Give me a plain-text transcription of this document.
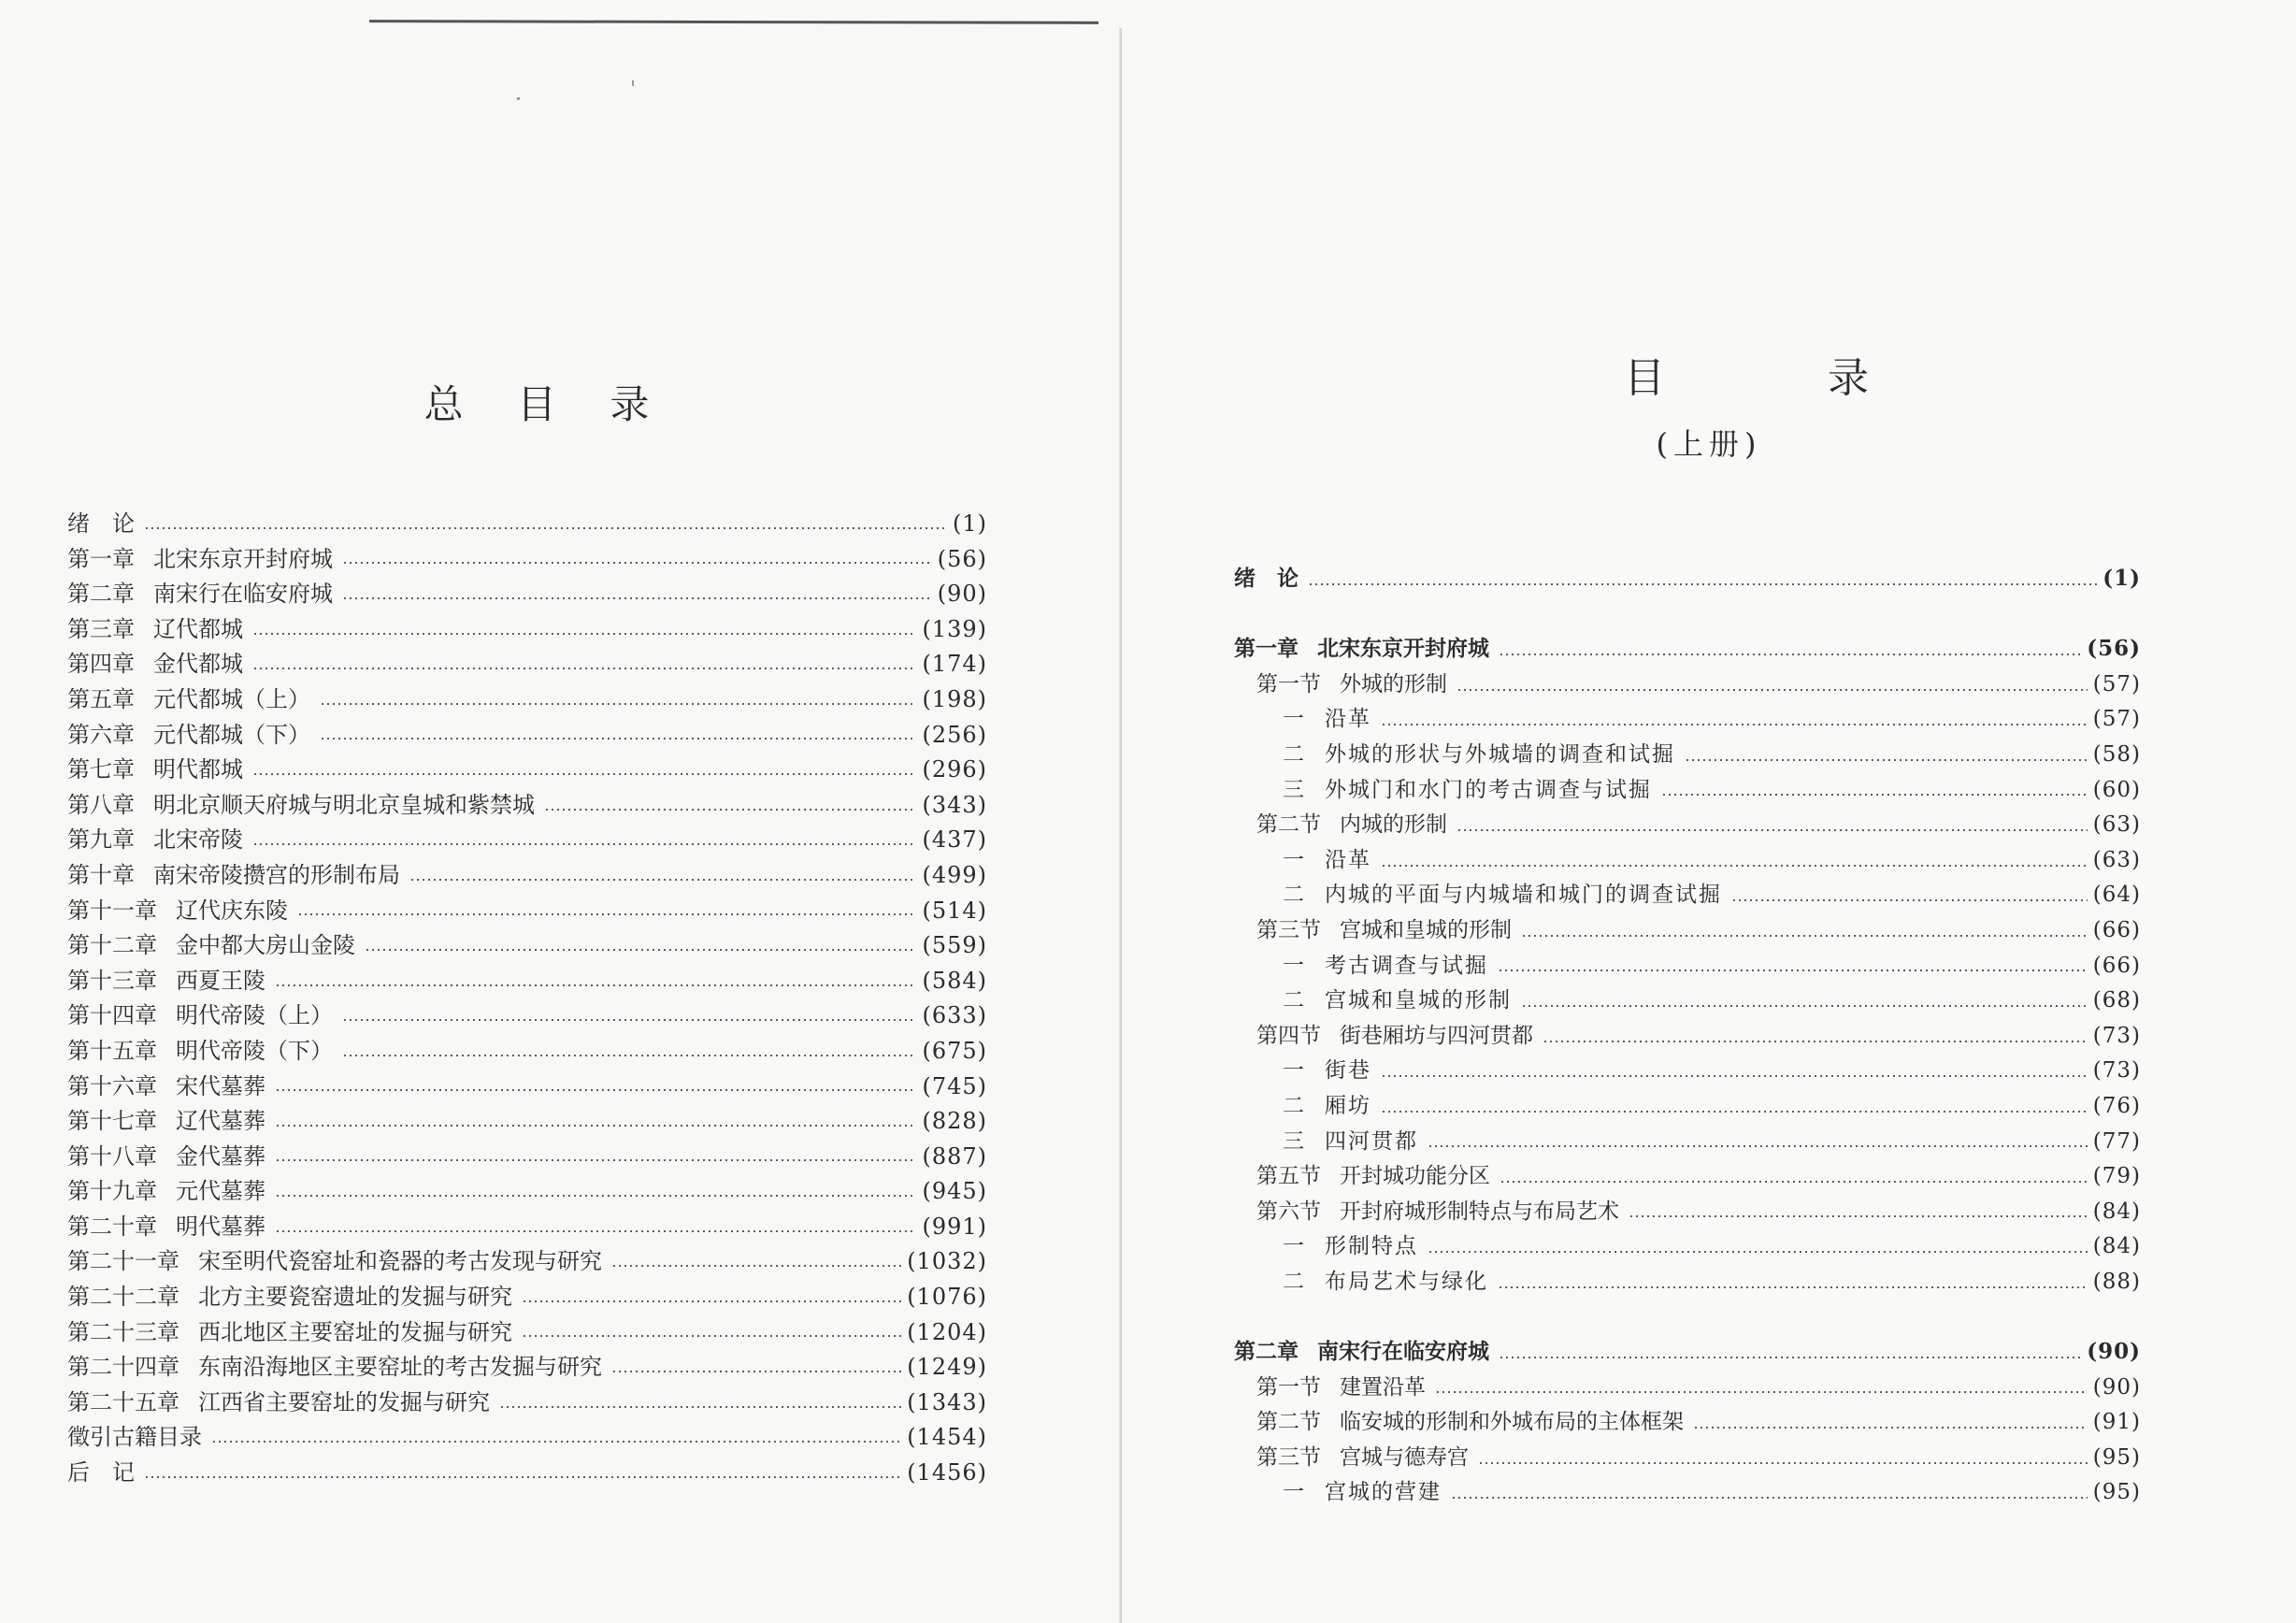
总 目 录
绪　论	(1)
第一章 北宋东京开封府城	(56)
第二章 南宋行在临安府城	(90)
第三章 辽代都城	(139)
第四章 金代都城	(174)
第五章 元代都城（上）	(198)
第六章 元代都城（下）	(256)
第七章 明代都城	(296)
第八章 明北京顺天府城与明北京皇城和紫禁城	(343)
第九章 北宋帝陵	(437)
第十章 南宋帝陵攒宫的形制布局	(499)
第十一章 辽代庆东陵	(514)
第十二章 金中都大房山金陵	(559)
第十三章 西夏王陵	(584)
第十四章 明代帝陵（上）	(633)
第十五章 明代帝陵（下）	(675)
第十六章 宋代墓葬	(745)
第十七章 辽代墓葬	(828)
第十八章 金代墓葬	(887)
第十九章 元代墓葬	(945)
第二十章 明代墓葬	(991)
第二十一章 宋至明代瓷窑址和瓷器的考古发现与研究	(1032)
第二十二章 北方主要瓷窑遗址的发掘与研究	(1076)
第二十三章 西北地区主要窑址的发掘与研究	(1204)
第二十四章 东南沿海地区主要窑址的考古发掘与研究	(1249)
第二十五章 江西省主要窑址的发掘与研究	(1343)
徵引古籍目录	(1454)
后　记	(1456)
目 录
(上册)
绪　论	(1)
第一章 北宋东京开封府城	(56)
第一节 外城的形制	(57)
一 沿革	(57)
二 外城的形状与外城墙的调查和试掘	(58)
三 外城门和水门的考古调查与试掘	(60)
第二节 内城的形制	(63)
一 沿革	(63)
二 内城的平面与内城墙和城门的调查试掘	(64)
第三节 宫城和皇城的形制	(66)
一 考古调查与试掘	(66)
二 宫城和皇城的形制	(68)
第四节 街巷厢坊与四河贯都	(73)
一 街巷	(73)
二 厢坊	(76)
三 四河贯都	(77)
第五节 开封城功能分区	(79)
第六节 开封府城形制特点与布局艺术	(84)
一 形制特点	(84)
二 布局艺术与绿化	(88)
第二章 南宋行在临安府城	(90)
第一节 建置沿革	(90)
第二节 临安城的形制和外城布局的主体框架	(91)
第三节 宫城与德寿宫	(95)
一 宫城的营建	(95)
